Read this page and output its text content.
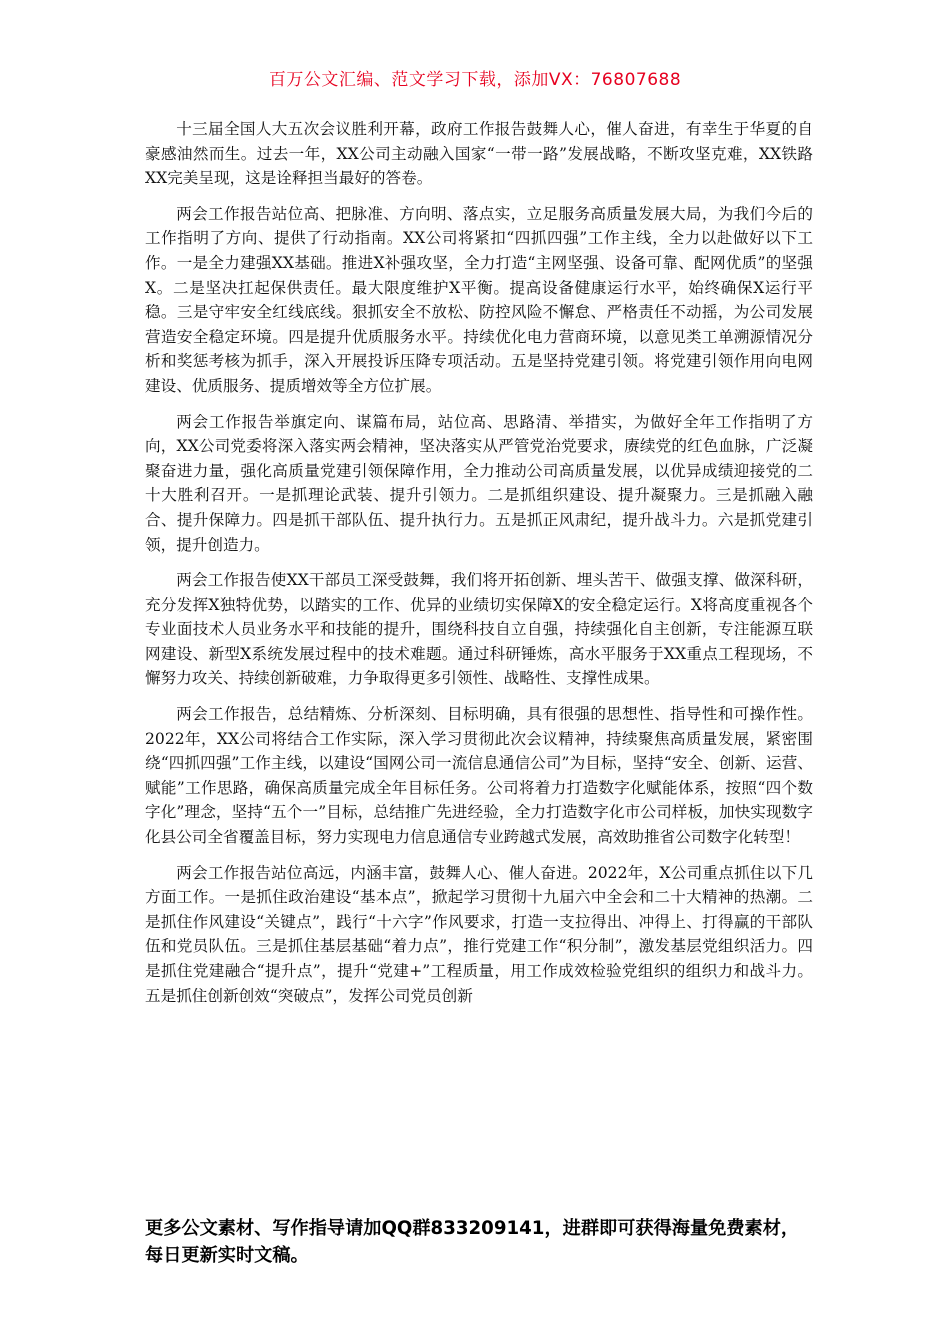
百万公文汇编、范文学习下载，添加VX：76807688

十三届全国人大五次会议胜利开幕，政府工作报告鼓舞人心，催人奋进，有幸生于华夏的自豪感油然而生。过去一年，XX公司主动融入国家“一带一路”发展战略，不断攻坚克难，XX铁路XX完美呈现，这是诠释担当最好的答卷。

两会工作报告站位高、把脉准、方向明、落点实，立足服务高质量发展大局，为我们今后的工作指明了方向、提供了行动指南。XX公司将紧扣“四抓四强”工作主线，全力以赴做好以下工作。一是全力建强XX基础。推进X补强攻坚，全力打造“主网坚强、设备可靠、配网优质”的坚强X。二是坚决扛起保供责任。最大限度维护X平衡。提高设备健康运行水平，始终确保X运行平稳。三是守牢安全红线底线。狠抓安全不放松、防控风险不懈怠、严格责任不动摇，为公司发展营造安全稳定环境。四是提升优质服务水平。持续优化电力营商环境，以意见类工单溯源情况分析和奖惩考核为抓手，深入开展投诉压降专项活动。五是坚持党建引领。将党建引领作用向电网建设、优质服务、提质增效等全方位扩展。

两会工作报告举旗定向、谋篇布局，站位高、思路清、举措实，为做好全年工作指明了方向，XX公司党委将深入落实两会精神，坚决落实从严管党治党要求，赓续党的红色血脉，广泛凝聚奋进力量，强化高质量党建引领保障作用，全力推动公司高质量发展，以优异成绩迎接党的二十大胜利召开。一是抓理论武装、提升引领力。二是抓组织建设、提升凝聚力。三是抓融入融合、提升保障力。四是抓干部队伍、提升执行力。五是抓正风肃纪，提升战斗力。六是抓党建引领，提升创造力。

两会工作报告使XX干部员工深受鼓舞，我们将开拓创新、埋头苦干、做强支撑、做深科研，充分发挥X独特优势，以踏实的工作、优异的业绩切实保障X的安全稳定运行。X将高度重视各个专业面技术人员业务水平和技能的提升，围绕科技自立自强，持续强化自主创新，专注能源互联网建设、新型X系统发展过程中的技术难题。通过科研锤炼，高水平服务于XX重点工程现场，不懈努力攻关、持续创新破难，力争取得更多引领性、战略性、支撑性成果。

两会工作报告，总结精炼、分析深刻、目标明确，具有很强的思想性、指导性和可操作性。2022年，XX公司将结合工作实际，深入学习贯彻此次会议精神，持续聚焦高质量发展，紧密围绕“四抓四强”工作主线，以建设“国网公司一流信息通信公司”为目标，坚持“安全、创新、运营、赋能”工作思路，确保高质量完成全年目标任务。公司将着力打造数字化赋能体系，按照“四个数字化”理念，坚持“五个一”目标，总结推广先进经验，全力打造数字化市公司样板，加快实现数字化县公司全省覆盖目标，努力实现电力信息通信专业跨越式发展，高效助推省公司数字化转型！

两会工作报告站位高远，内涵丰富，鼓舞人心、催人奋进。2022年，X公司重点抓住以下几方面工作。一是抓住政治建设“基本点”，掀起学习贯彻十九届六中全会和二十大精神的热潮。二是抓住作风建设“关键点”，践行“十六字”作风要求，打造一支拉得出、冲得上、打得赢的干部队伍和党员队伍。三是抓住基层基础“着力点”，推行党建工作“积分制”，激发基层党组织活力。四是抓住党建融合“提升点”，提升“党建+”工程质量，用工作成效检验党组织的组织力和战斗力。五是抓住创新创效“突破点”，发挥公司党员创新

更多公文素材、写作指导请加QQ群833209141，进群即可获得海量免费素材，每日更新实时文稿。
